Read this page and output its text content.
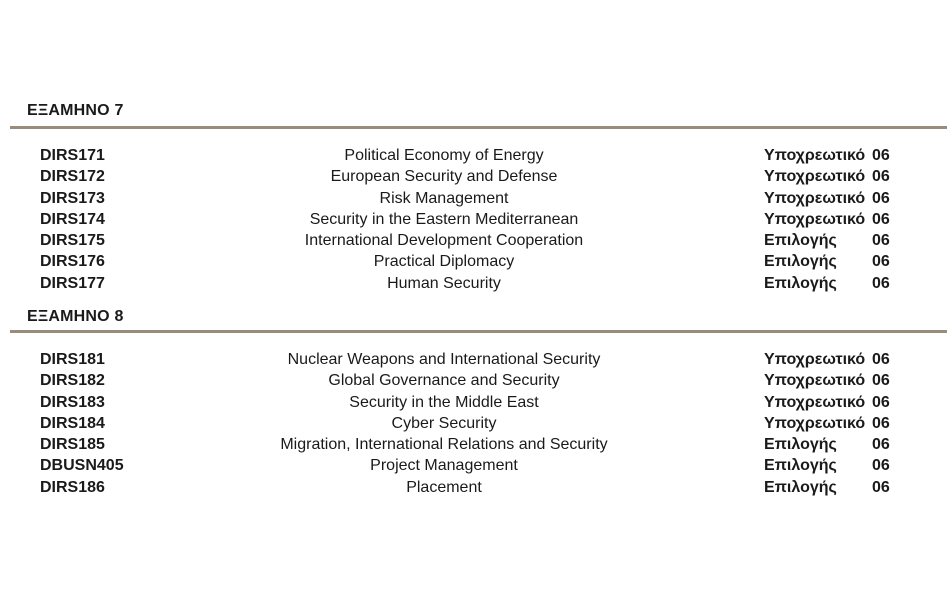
ΕΞΑΜΗΝΟ 7
DIRS171	Political Economy of Energy	Υποχρεωτικό 06
DIRS172	European Security and Defense	Υποχρεωτικό 06
DIRS173	Risk Management	Υποχρεωτικό 06
DIRS174	Security in the Eastern Mediterranean	Υποχρεωτικό 06
DIRS175	International Development Cooperation	Επιλογής 06
DIRS176	Practical Diplomacy	Επιλογής 06
DIRS177	Human Security	Επιλογής 06
ΕΞΑΜΗΝΟ 8
DIRS181	Nuclear Weapons and International Security	Υποχρεωτικό 06
DIRS182	Global Governance and Security	Υποχρεωτικό 06
DIRS183	Security in the Middle East	Υποχρεωτικό 06
DIRS184	Cyber Security	Υποχρεωτικό 06
DIRS185	Migration, International Relations and Security	Επιλογής 06
DBUSN405	Project Management	Επιλογής 06
DIRS186	Placement	Επιλογής 06
